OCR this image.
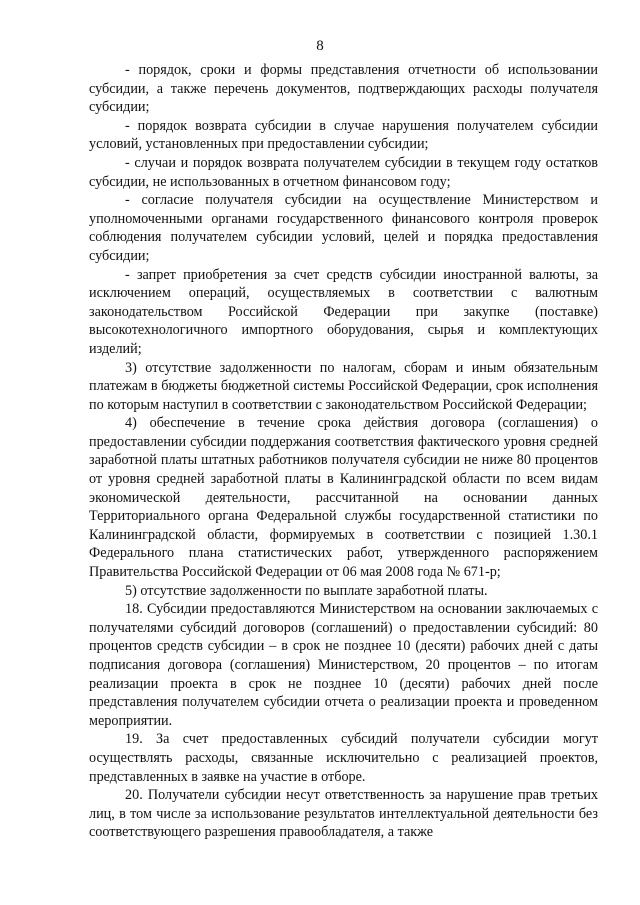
8

- порядок, сроки и формы представления отчетности об использовании субсидии, а также перечень документов, подтверждающих расходы получателя субсидии;

- порядок возврата субсидии в случае нарушения получателем субсидии условий, установленных при предоставлении субсидии;

- случаи и порядок возврата получателем субсидии в текущем году остатков субсидии, не использованных в отчетном финансовом году;

- согласие получателя субсидии на осуществление Министерством и уполномоченными органами государственного финансового контроля проверок соблюдения получателем субсидии условий, целей и порядка предоставления субсидии;

- запрет приобретения за счет средств субсидии иностранной валюты, за исключением операций, осуществляемых в соответствии с валютным законодательством Российской Федерации при закупке (поставке) высокотехнологичного импортного оборудования, сырья и комплектующих изделий;

3) отсутствие задолженности по налогам, сборам и иным обязательным платежам в бюджеты бюджетной системы Российской Федерации, срок исполнения по которым наступил в соответствии с законодательством Российской Федерации;

4) обеспечение в течение срока действия договора (соглашения) о предоставлении субсидии поддержания соответствия фактического уровня средней заработной платы штатных работников получателя субсидии не ниже 80 процентов от уровня средней заработной платы в Калининградской области по всем видам экономической деятельности, рассчитанной на основании данных Территориального органа Федеральной службы государственной статистики по Калининградской области, формируемых в соответствии с позицией 1.30.1 Федерального плана статистических работ, утвержденного распоряжением Правительства Российской Федерации от 06 мая 2008 года № 671-р;

5) отсутствие задолженности по выплате заработной платы.

18. Субсидии предоставляются Министерством на основании заключаемых с получателями субсидий договоров (соглашений) о предоставлении субсидий: 80 процентов средств субсидии – в срок не позднее 10 (десяти) рабочих дней с даты подписания договора (соглашения) Министерством, 20 процентов – по итогам реализации проекта в срок не позднее 10 (десяти) рабочих дней после представления получателем субсидии отчета о реализации проекта и проведенном мероприятии.

19. За счет предоставленных субсидий получатели субсидии могут осуществлять расходы, связанные исключительно с реализацией проектов, представленных в заявке на участие в отборе.

20. Получатели субсидии несут ответственность за нарушение прав третьих лиц, в том числе за использование результатов интеллектуальной деятельности без соответствующего разрешения правообладателя, а также
